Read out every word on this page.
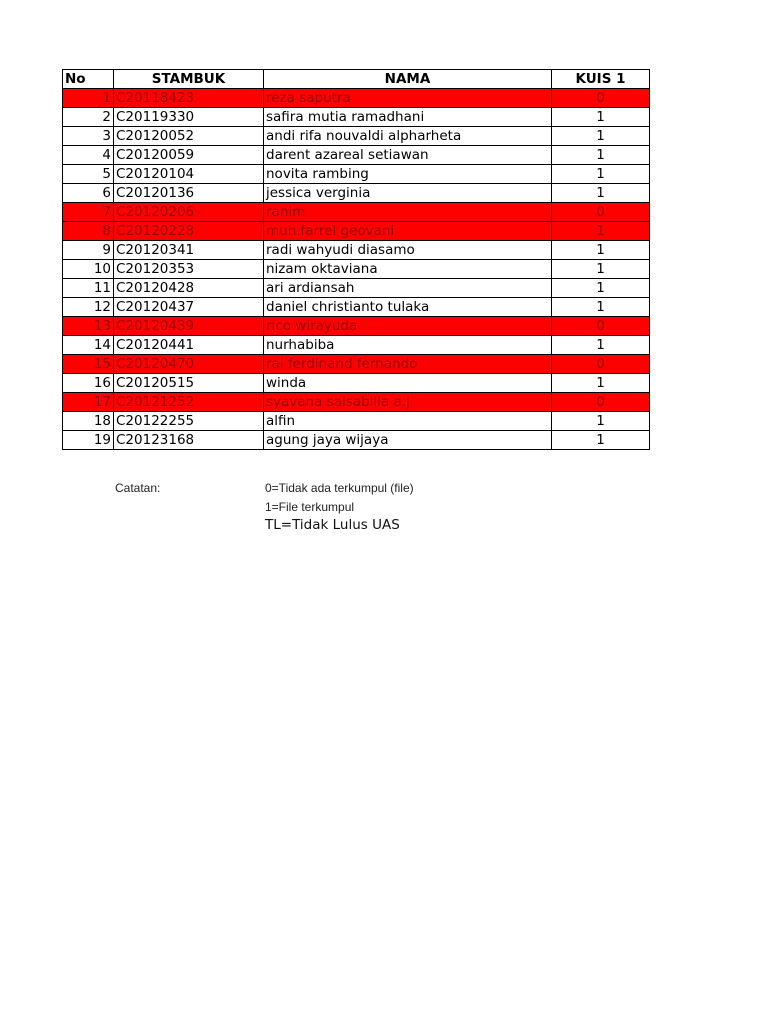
No	STAMBUK	NAMA	KUIS 1
1	C20118423	reza saputra	0
2	C20119330	safira mutia ramadhani	1
3	C20120052	andi rifa nouvaldi alpharheta	1
4	C20120059	darent azareal setiawan	1
5	C20120104	novita rambing	1
6	C20120136	jessica verginia	1
7	C20120206	rahim	0
8	C20120228	muh.farrel geovani	1
9	C20120341	radi wahyudi diasamo	1
10	C20120353	nizam oktaviana	1
11	C20120428	ari ardiansah	1
12	C20120437	daniel christianto tulaka	1
13	C20120439	rico wirayuda	0
14	C20120441	nurhabiba	1
15	C20120470	rai ferdinand fernando	0
16	C20120515	winda	1
17	C20121252	syavana salsabilla a.j	0
18	C20122255	alfin	1
19	C20123168	agung jaya wijaya	1
Catatan:	0=Tidak ada terkumpul (file)
1=File terkumpul
TL=Tidak Lulus UAS
